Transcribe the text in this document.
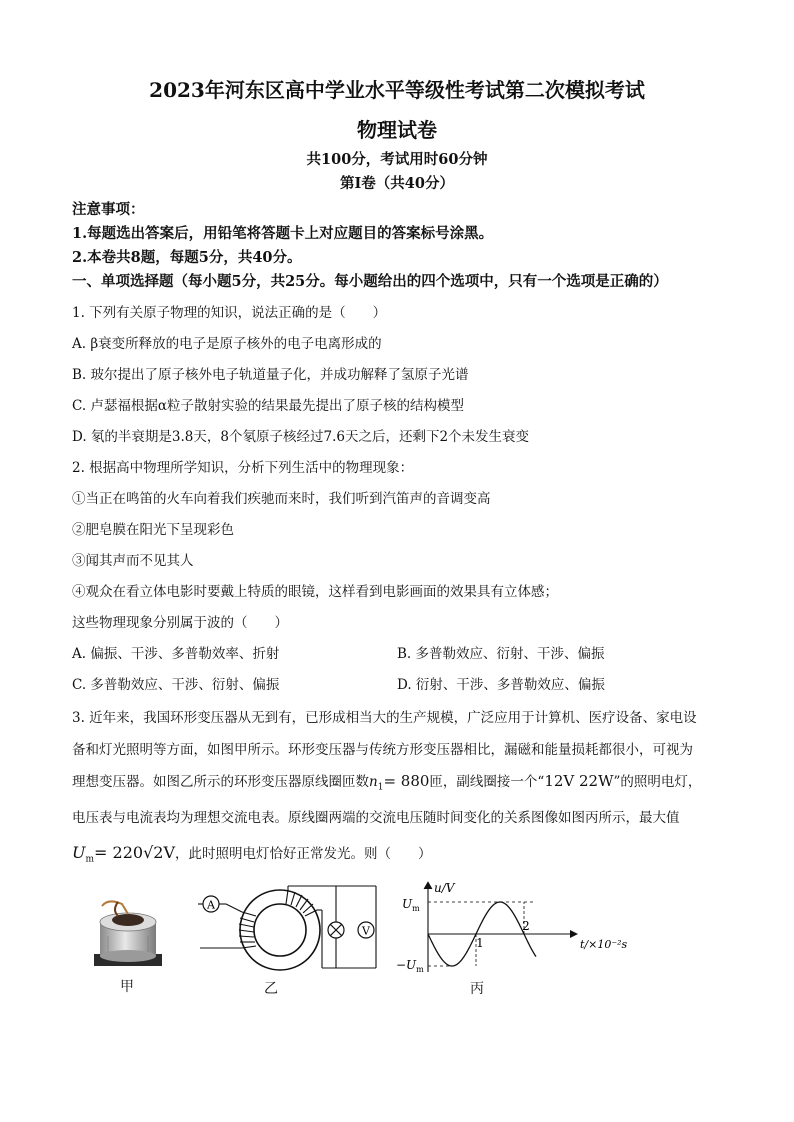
2023年河东区高中学业水平等级性考试第二次模拟考试
物理试卷
共100分，考试用时60分钟
第Ⅰ卷（共40分）
注意事项：
1.每题选出答案后，用铅笔将答题卡上对应题目的答案标号涂黑。
2.本卷共8题，每题5分，共40分。
一、单项选择题（每小题5分，共25分。每小题给出的四个选项中，只有一个选项是正确的）
1. 下列有关原子物理的知识，说法正确的是（　　）
A. β衰变所释放的电子是原子核外的电子电离形成的
B. 玻尔提出了原子核外电子轨道量子化，并成功解释了氢原子光谱
C. 卢瑟福根据α粒子散射实验的结果最先提出了原子核的结构模型
D. 氡的半衰期是3.8天，8个氡原子核经过7.6天之后，还剩下2个未发生衰变
2. 根据高中物理所学知识，分析下列生活中的物理现象：
①当正在鸣笛的火车向着我们疾驰而来时，我们听到汽笛声的音调变高
②肥皂膜在阳光下呈现彩色
③闻其声而不见其人
④观众在看立体电影时要戴上特质的眼镜，这样看到电影画面的效果具有立体感；
这些物理现象分别属于波的（　　）
A. 偏振、干涉、多普勒效率、折射	B. 多普勒效应、衍射、干涉、偏振
C. 多普勒效应、干涉、衍射、偏振	D. 衍射、干涉、多普勒效应、偏振
3. 近年来，我国环形变压器从无到有，已形成相当大的生产规模，广泛应用于计算机、医疗设备、家电设
备和灯光照明等方面，如图甲所示。环形变压器与传统方形变压器相比，漏磁和能量损耗都很小，可视为
理想变压器。如图乙所示的环形变压器原线圈匝数$n_1= 880$匝，副线圈接一个“12V 22W”的照明电灯，
电压表与电流表均为理想交流电表。原线圈两端的交流电压随时间变化的关系图像如图丙所示，最大值
$U_m= 220√2V$，此时照明电灯恰好正常发光。则（　　）
甲
A
V
乙
u/V
t/×10⁻²s
$U_m$
$-U_m$
1
2
丙
